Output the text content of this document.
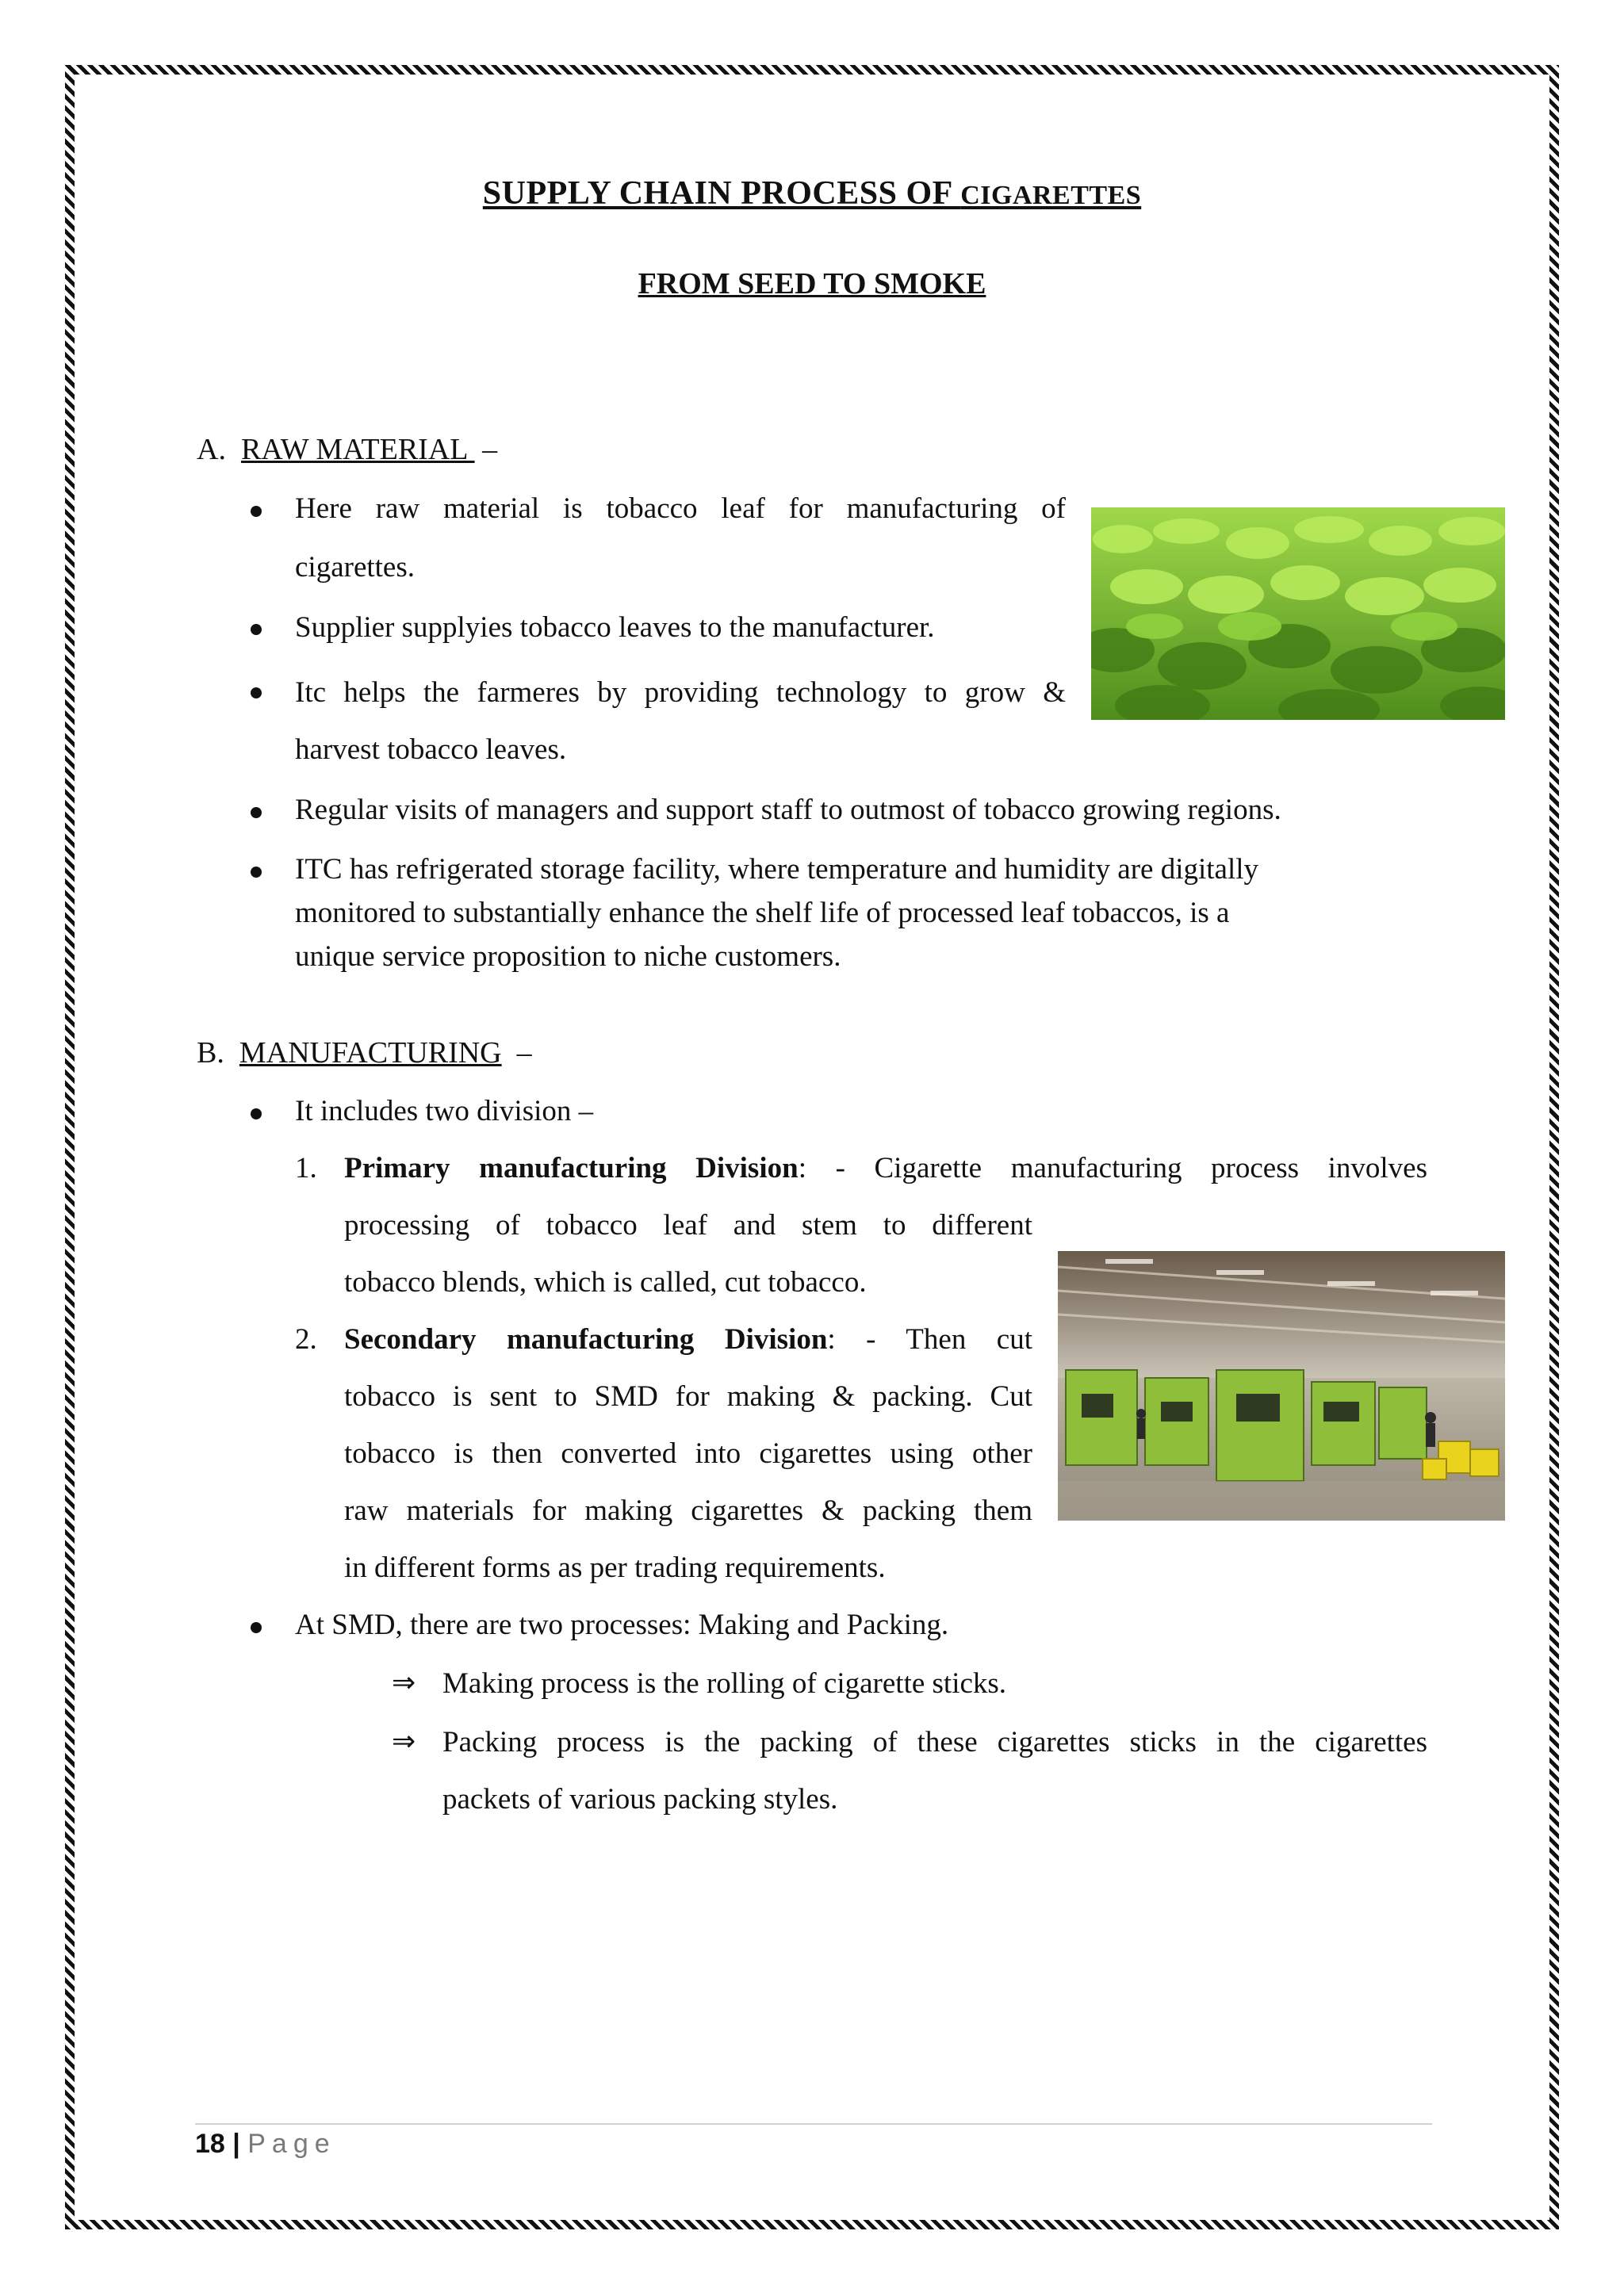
SUPPLY CHAIN PROCESS OF CIGARETTES
FROM SEED TO SMOKE
A. RAW MATERIAL  –
Here raw material is tobacco leaf for manufacturing of
cigarettes.
Supplier supplyies tobacco leaves to the manufacturer.
Itc helps the farmeres by providing technology to grow &
harvest tobacco leaves.
Regular visits of managers and support staff to outmost of tobacco growing regions.
ITC has refrigerated storage facility, where temperature and humidity are digitally
monitored to substantially enhance the shelf life of processed leaf tobaccos, is a
unique service proposition to niche customers.
B. MANUFACTURING –
It includes two division –
1. Primary manufacturing Division: - Cigarette manufacturing process involves
processing of tobacco leaf and stem to different
tobacco blends, which is called, cut tobacco.
2. Secondary manufacturing Division: - Then cut
tobacco is sent to SMD for making & packing. Cut
tobacco is then converted into cigarettes using other
raw materials for making cigarettes & packing them
in different forms as per trading requirements.
At SMD, there are two processes: Making and Packing.
⇒ Making process is the rolling of cigarette sticks.
⇒ Packing process is the packing of these cigarettes sticks in the cigarettes
packets of various packing styles.
18 | Page
